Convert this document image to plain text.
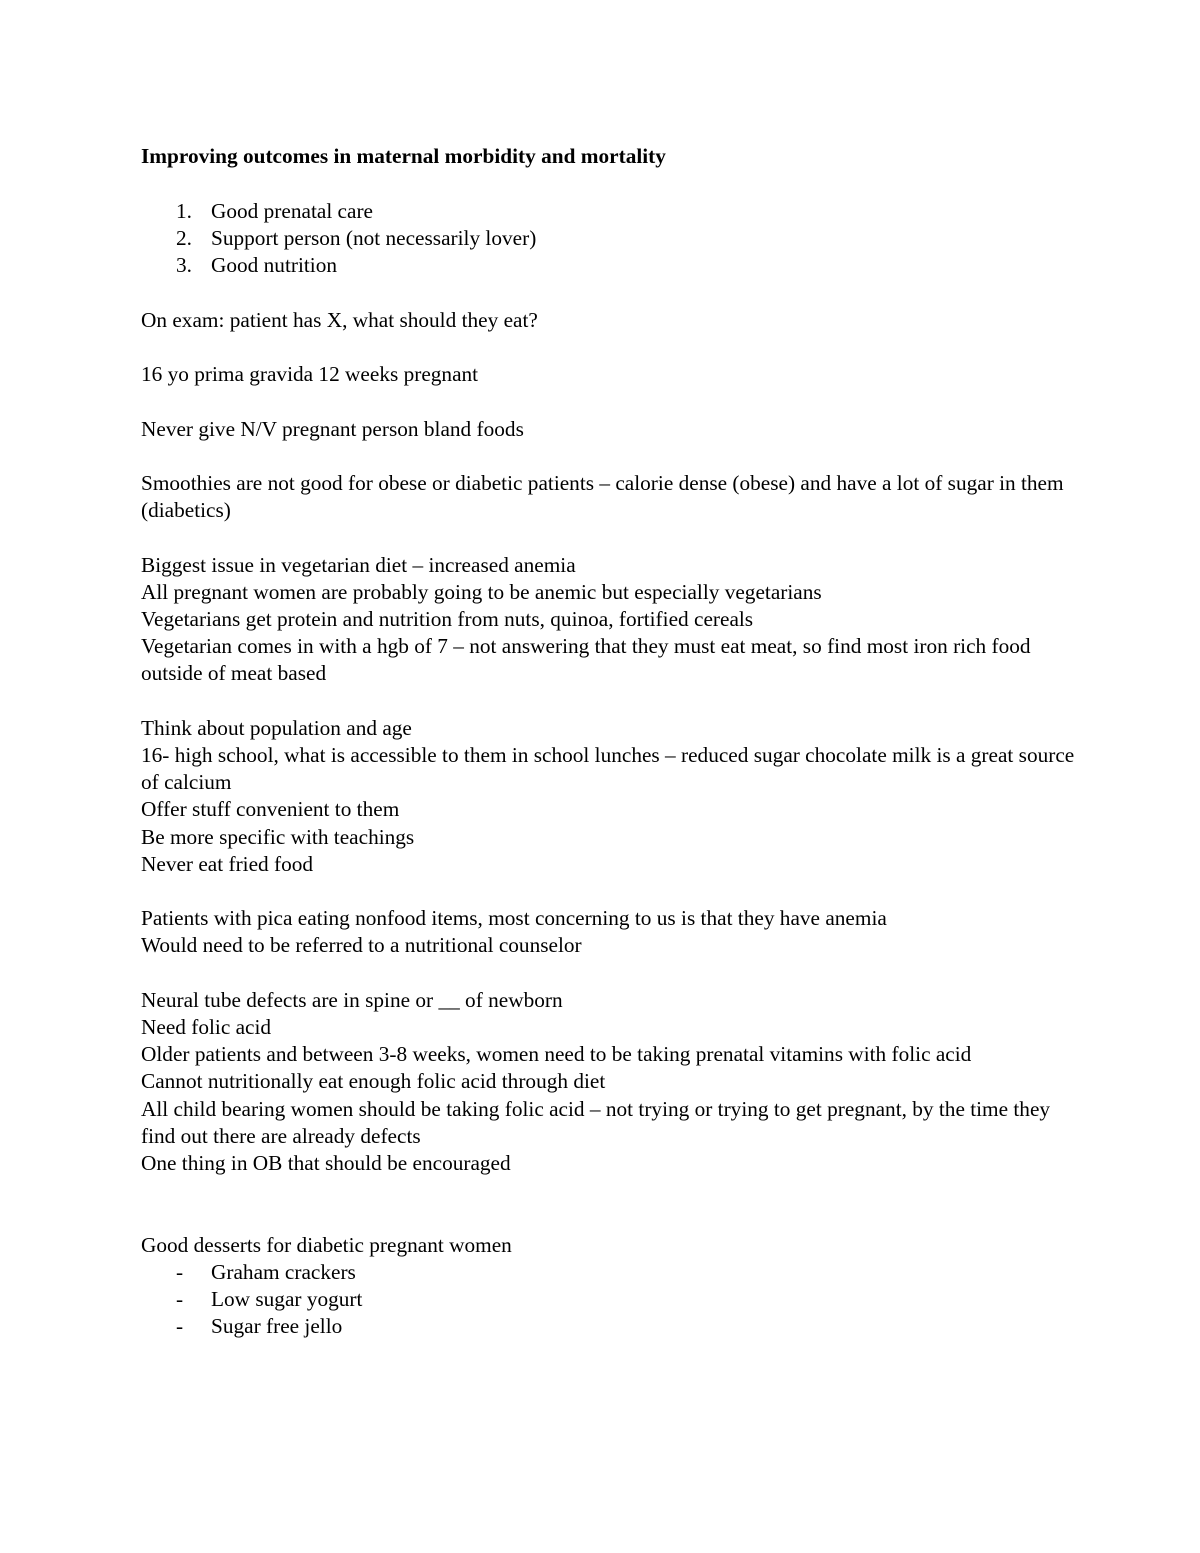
Improving outcomes in maternal morbidity and mortality
1. Good prenatal care
2. Support person (not necessarily lover)
3. Good nutrition
On exam: patient has X, what should they eat?
16 yo prima gravida 12 weeks pregnant
Never give N/V pregnant person bland foods
Smoothies are not good for obese or diabetic patients – calorie dense (obese) and have a lot of sugar in them (diabetics)
Biggest issue in vegetarian diet – increased anemia
All pregnant women are probably going to be anemic but especially vegetarians
Vegetarians get protein and nutrition from nuts, quinoa, fortified cereals
Vegetarian comes in with a hgb of 7 – not answering that they must eat meat, so find most iron rich food outside of meat based
Think about population and age
16- high school, what is accessible to them in school lunches – reduced sugar chocolate milk is a great source of calcium
Offer stuff convenient to them
Be more specific with teachings
Never eat fried food
Patients with pica eating nonfood items, most concerning to us is that they have anemia
Would need to be referred to a nutritional counselor
Neural tube defects are in spine or __ of newborn
Need folic acid
Older patients and between 3-8 weeks, women need to be taking prenatal vitamins with folic acid
Cannot nutritionally eat enough folic acid through diet
All child bearing women should be taking folic acid – not trying or trying to get pregnant, by the time they find out there are already defects
One thing in OB that should be encouraged
Good desserts for diabetic pregnant women
- Graham crackers
- Low sugar yogurt
- Sugar free jello
